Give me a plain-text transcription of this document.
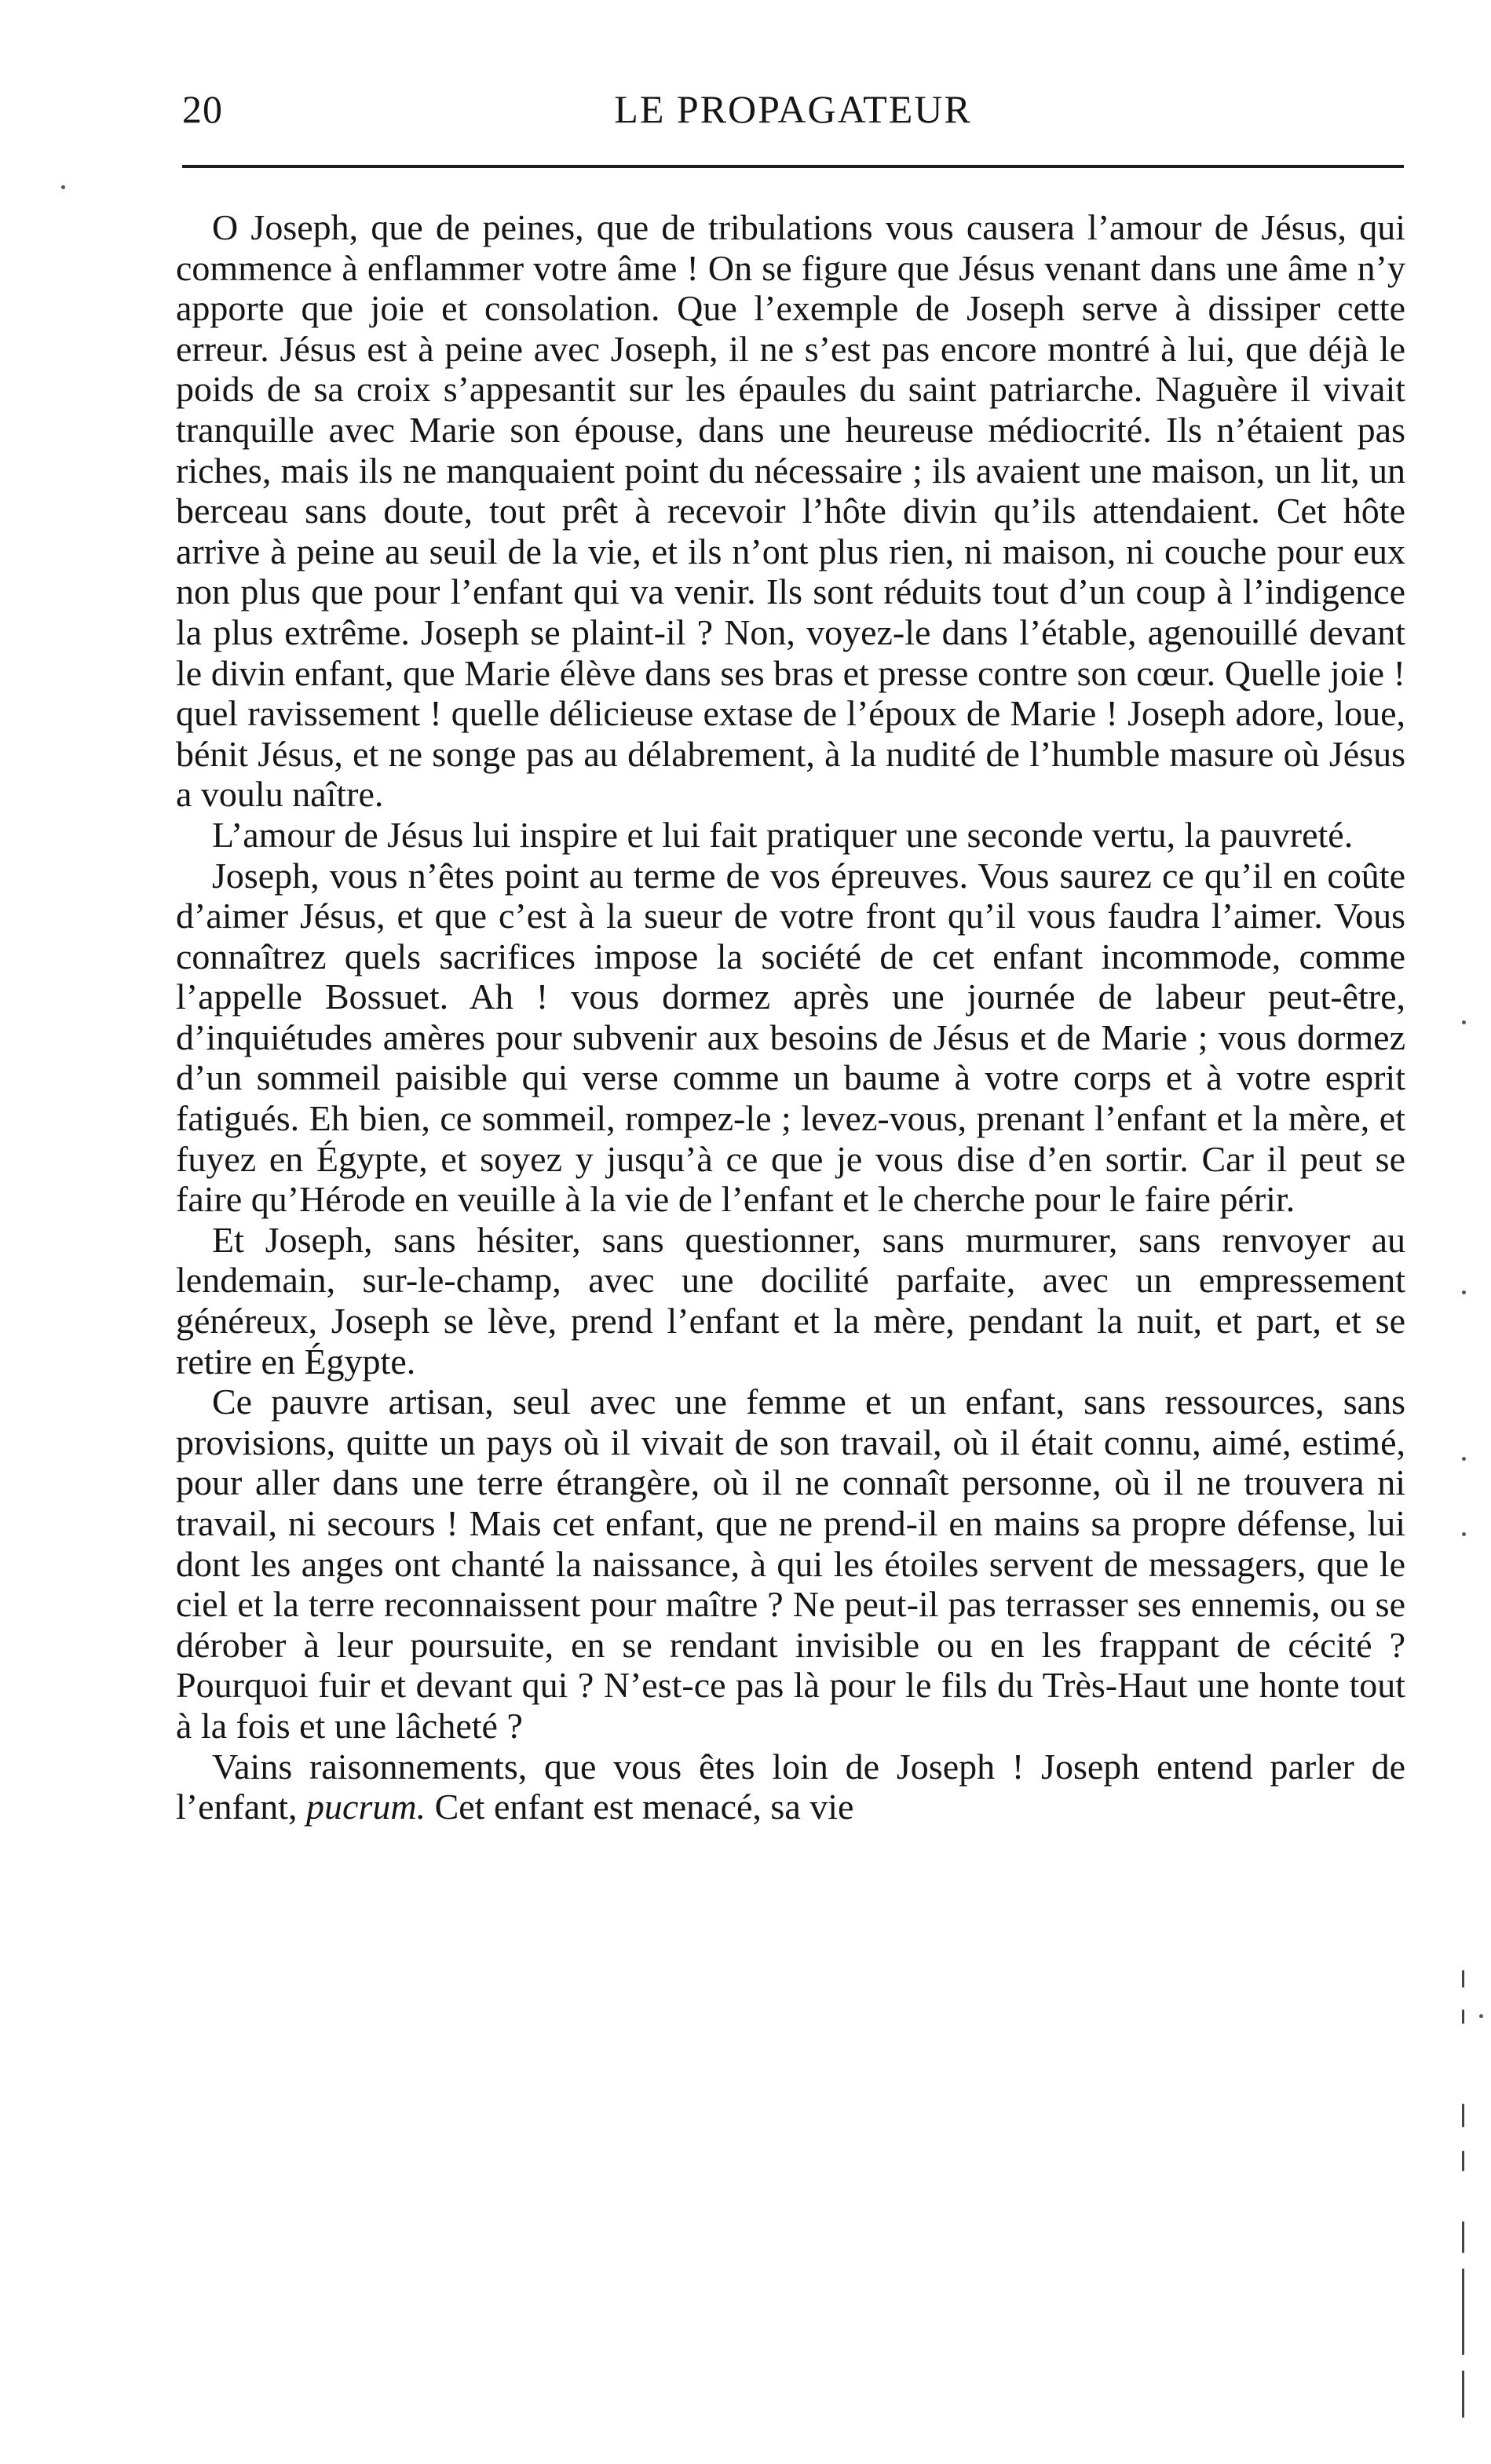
20	LE PROPAGATEUR

O Joseph, que de peines, que de tribulations vous causera l’amour de Jésus, qui commence à enflammer votre âme ! On se figure que Jésus venant dans une âme n’y apporte que joie et consolation. Que l’exemple de Joseph serve à dissiper cette erreur. Jésus est à peine avec Joseph, il ne s’est pas encore montré à lui, que déjà le poids de sa croix s’appesantit sur les épaules du saint patriarche. Naguère il vivait tranquille avec Marie son épouse, dans une heureuse médiocrité. Ils n’étaient pas riches, mais ils ne manquaient point du nécessaire ; ils avaient une maison, un lit, un berceau sans doute, tout prêt à recevoir l’hôte divin qu’ils attendaient. Cet hôte arrive à peine au seuil de la vie, et ils n’ont plus rien, ni maison, ni couche pour eux non plus que pour l’enfant qui va venir. Ils sont réduits tout d’un coup à l’indigence la plus extrême. Joseph se plaint-il ? Non, voyez-le dans l’étable, agenouillé devant le divin enfant, que Marie élève dans ses bras et presse contre son cœur. Quelle joie ! quel ravissement ! quelle délicieuse extase de l’époux de Marie ! Joseph adore, loue, bénit Jésus, et ne songe pas au délabrement, à la nudité de l’humble masure où Jésus a voulu naître.

L’amour de Jésus lui inspire et lui fait pratiquer une seconde vertu, la pauvreté.

Joseph, vous n’êtes point au terme de vos épreuves. Vous saurez ce qu’il en coûte d’aimer Jésus, et que c’est à la sueur de votre front qu’il vous faudra l’aimer. Vous connaîtrez quels sacrifices impose la société de cet enfant incommode, comme l’appelle Bossuet. Ah ! vous dormez après une journée de labeur peut-être, d’inquiétudes amères pour subvenir aux besoins de Jésus et de Marie ; vous dormez d’un sommeil paisible qui verse comme un baume à votre corps et à votre esprit fatigués. Eh bien, ce sommeil, rompez-le ; levez-vous, prenant l’enfant et la mère, et fuyez en Égypte, et soyez y jusqu’à ce que je vous dise d’en sortir. Car il peut se faire qu’Hérode en veuille à la vie de l’enfant et le cherche pour le faire périr.

Et Joseph, sans hésiter, sans questionner, sans murmurer, sans renvoyer au lendemain, sur-le-champ, avec une docilité parfaite, avec un empressement généreux, Joseph se lève, prend l’enfant et la mère, pendant la nuit, et part, et se retire en Égypte.

Ce pauvre artisan, seul avec une femme et un enfant, sans ressources, sans provisions, quitte un pays où il vivait de son travail, où il était connu, aimé, estimé, pour aller dans une terre étrangère, où il ne connaît personne, où il ne trouvera ni travail, ni secours ! Mais cet enfant, que ne prend-il en mains sa propre défense, lui dont les anges ont chanté la naissance, à qui les étoiles servent de messagers, que le ciel et la terre reconnaissent pour maître ? Ne peut-il pas terrasser ses ennemis, ou se dérober à leur poursuite, en se rendant invisible ou en les frappant de cécité ? Pourquoi fuir et devant qui ? N’est-ce pas là pour le fils du Très-Haut une honte tout à la fois et une lâcheté ?

Vains raisonnements, que vous êtes loin de Joseph ! Joseph entend parler de l’enfant, pucrum. Cet enfant est menacé, sa vie
